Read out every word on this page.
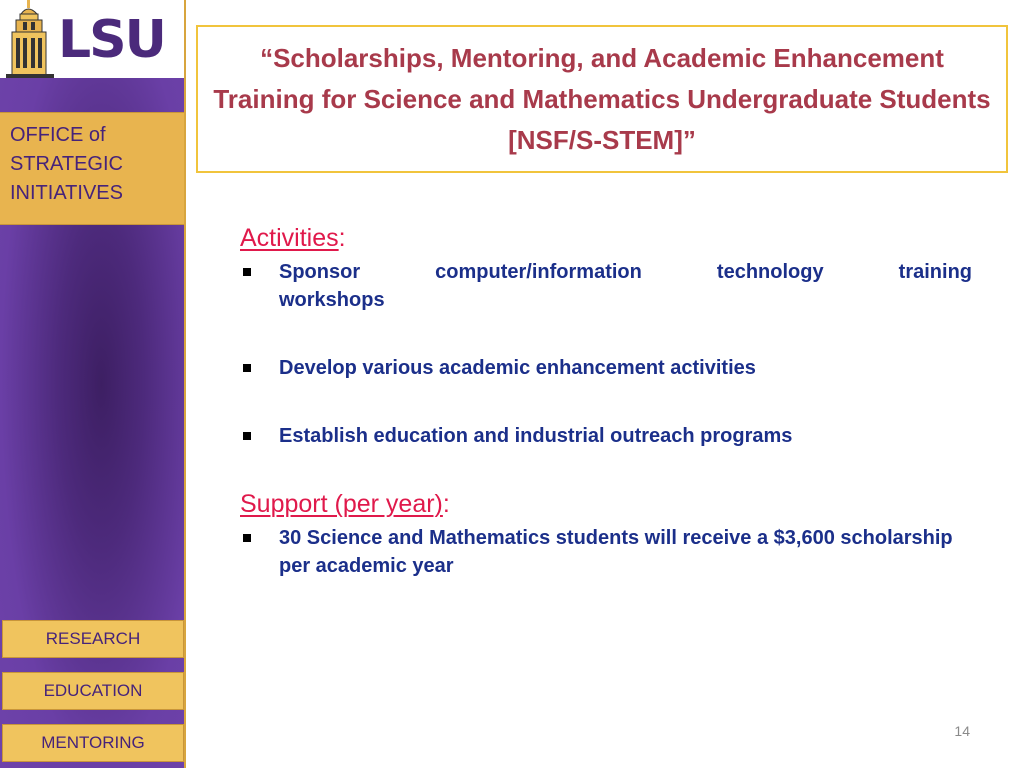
LSU
OFFICE of
STRATEGIC
INITIATIVES
RESEARCH
EDUCATION
MENTORING
“Scholarships, Mentoring, and Academic Enhancement Training for Science and Mathematics Undergraduate Students [NSF/S-STEM]”
Activities:
Sponsor computer/information technology training
workshops
Develop various academic enhancement activities
Establish education and industrial outreach programs
Support (per year):
30 Science and Mathematics students will receive a $3,600 scholarship per academic year
14
